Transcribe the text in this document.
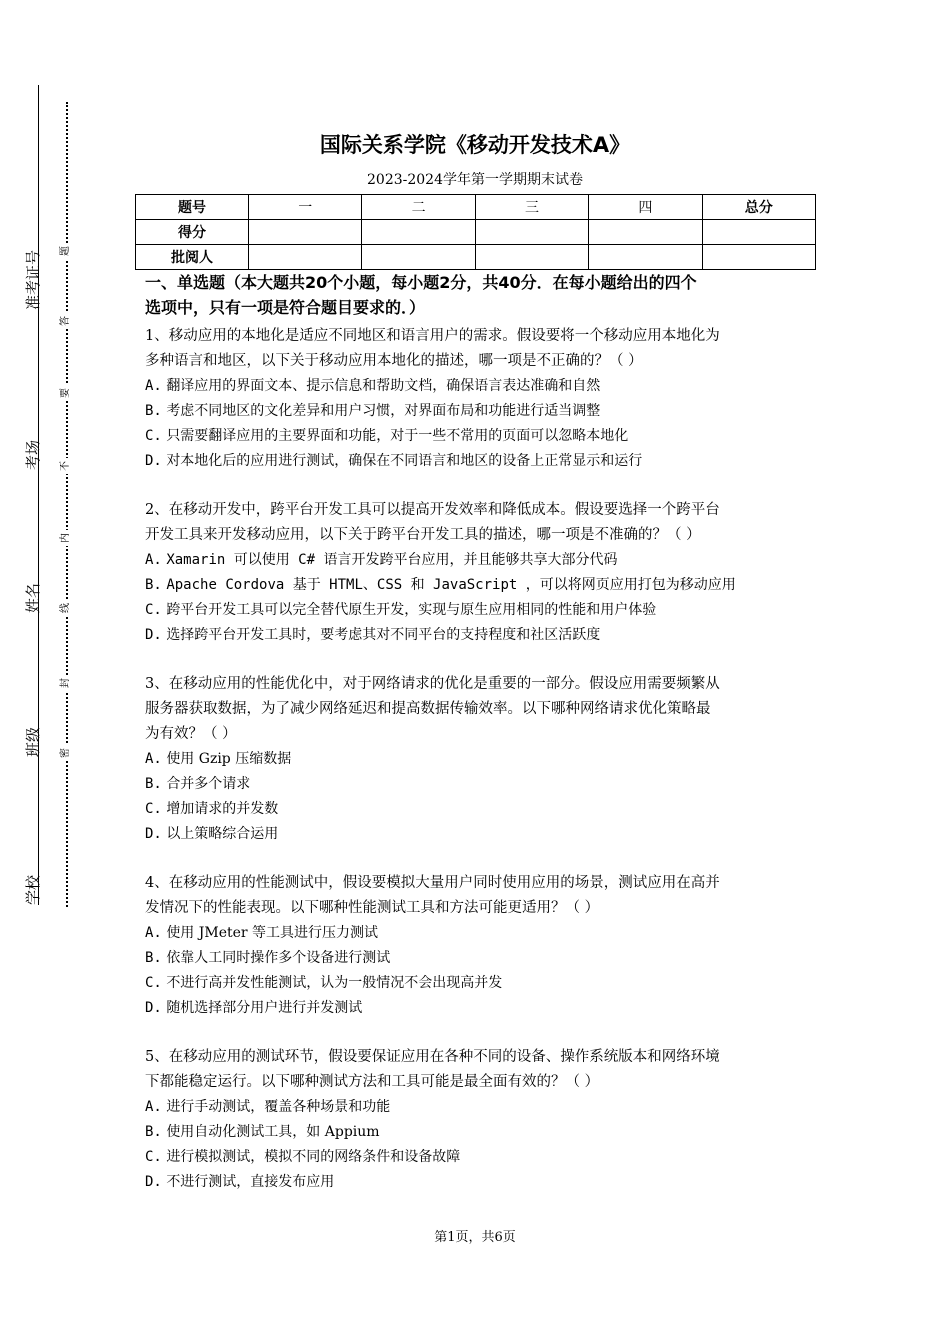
准考证号
考场
姓名
班级
学校
题
答
要
不
内
线
封
密
国际关系学院《移动开发技术A》
2023-2024学年第一学期期末试卷
题号	一	二	三	四	总分
得分					
批阅人					
一、单选题（本大题共20个小题，每小题2分，共40分．在每小题给出的四个
选项中，只有一项是符合题目要求的．）

1、移动应用的本地化是适应不同地区和语言用户的需求。假设要将一个移动应用本地化为

多种语言和地区，以下关于移动应用本地化的描述，哪一项是不正确的？（ ）

A. 翻译应用的界面文本、提示信息和帮助文档，确保语言表达准确和自然

B. 考虑不同地区的文化差异和用户习惯，对界面布局和功能进行适当调整

C. 只需要翻译应用的主要界面和功能，对于一些不常用的页面可以忽略本地化

D. 对本地化后的应用进行测试，确保在不同语言和地区的设备上正常显示和运行

2、在移动开发中，跨平台开发工具可以提高开发效率和降低成本。假设要选择一个跨平台

开发工具来开发移动应用，以下关于跨平台开发工具的描述，哪一项是不准确的？（ ）

A. Xamarin 可以使用 C# 语言开发跨平台应用，并且能够共享大部分代码

B. Apache Cordova 基于 HTML、CSS 和 JavaScript ，可以将网页应用打包为移动应用

C. 跨平台开发工具可以完全替代原生开发，实现与原生应用相同的性能和用户体验

D. 选择跨平台开发工具时，要考虑其对不同平台的支持程度和社区活跃度

3、在移动应用的性能优化中，对于网络请求的优化是重要的一部分。假设应用需要频繁从

服务器获取数据，为了减少网络延迟和提高数据传输效率。以下哪种网络请求优化策略最

为有效？（ ）

A. 使用 Gzip 压缩数据

B. 合并多个请求

C. 增加请求的并发数

D. 以上策略综合运用

4、在移动应用的性能测试中，假设要模拟大量用户同时使用应用的场景，测试应用在高并

发情况下的性能表现。以下哪种性能测试工具和方法可能更适用？（ ）

A. 使用 JMeter 等工具进行压力测试

B. 依靠人工同时操作多个设备进行测试

C. 不进行高并发性能测试，认为一般情况不会出现高并发

D. 随机选择部分用户进行并发测试

5、在移动应用的测试环节，假设要保证应用在各种不同的设备、操作系统版本和网络环境

下都能稳定运行。以下哪种测试方法和工具可能是最全面有效的？（ ）

A. 进行手动测试，覆盖各种场景和功能

B. 使用自动化测试工具，如 Appium

C. 进行模拟测试，模拟不同的网络条件和设备故障

D. 不进行测试，直接发布应用

第1页，共6页
